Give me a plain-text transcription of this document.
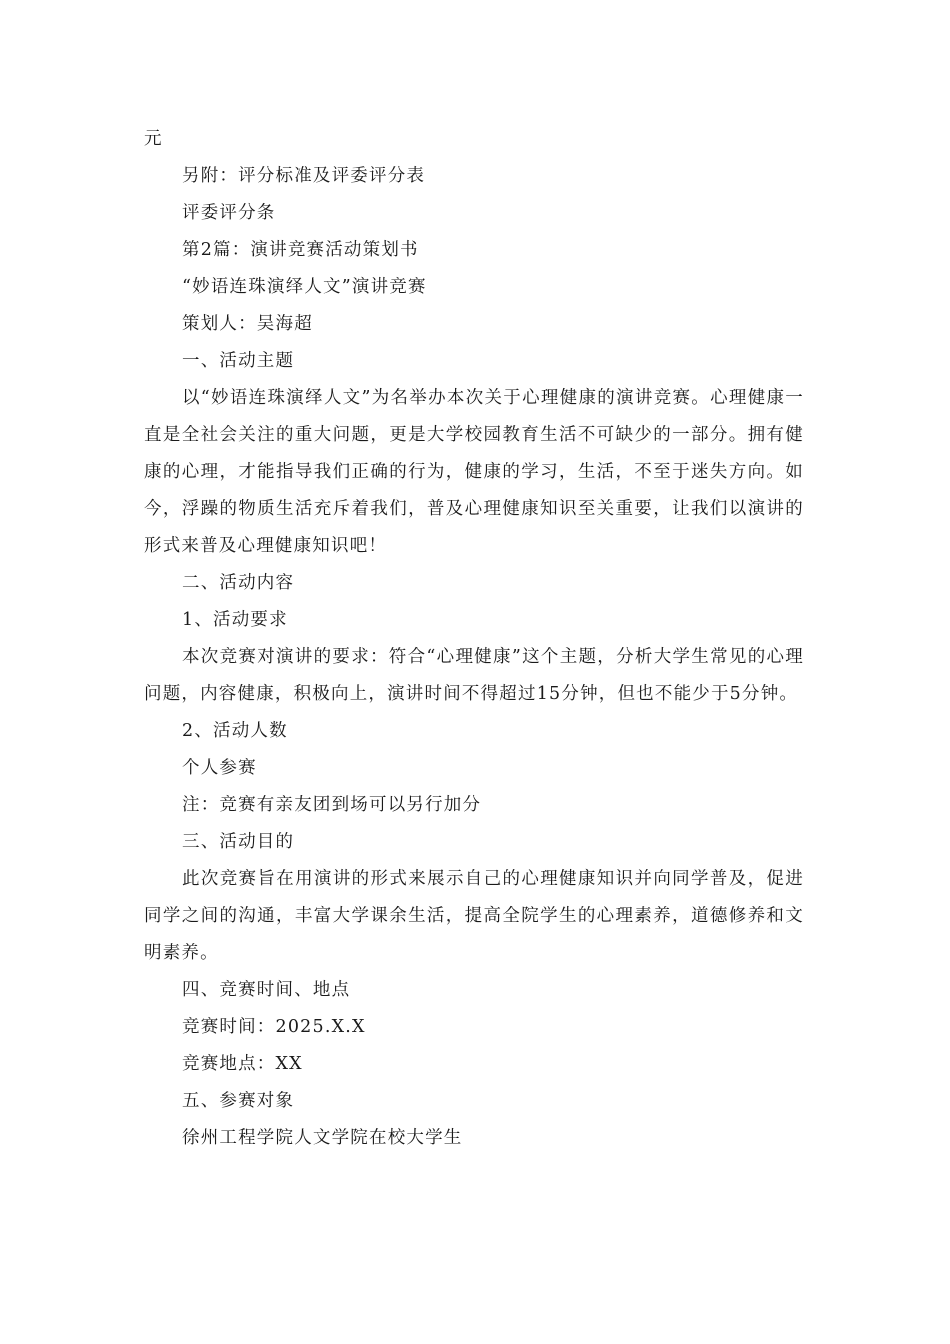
元

另附：评分标准及评委评分表

评委评分条

第2篇：演讲竞赛活动策划书

“妙语连珠演绎人文”演讲竞赛

策划人：吴海超

一、活动主题

以“妙语连珠演绎人文”为名举办本次关于心理健康的演讲竞赛。心理健康一直是全社会关注的重大问题，更是大学校园教育生活不可缺少的一部分。拥有健康的心理，才能指导我们正确的行为，健康的学习，生活，不至于迷失方向。如今，浮躁的物质生活充斥着我们，普及心理健康知识至关重要，让我们以演讲的形式来普及心理健康知识吧！

二、活动内容

1、活动要求

本次竞赛对演讲的要求：符合“心理健康”这个主题，分析大学生常见的心理问题，内容健康，积极向上，演讲时间不得超过15分钟，但也不能少于5分钟。

2、活动人数

个人参赛

注：竞赛有亲友团到场可以另行加分

三、活动目的

此次竞赛旨在用演讲的形式来展示自己的心理健康知识并向同学普及，促进同学之间的沟通，丰富大学课余生活，提高全院学生的心理素养，道德修养和文明素养。

四、竞赛时间、地点

竞赛时间：2025.X.X

竞赛地点：XX

五、参赛对象

徐州工程学院人文学院在校大学生
